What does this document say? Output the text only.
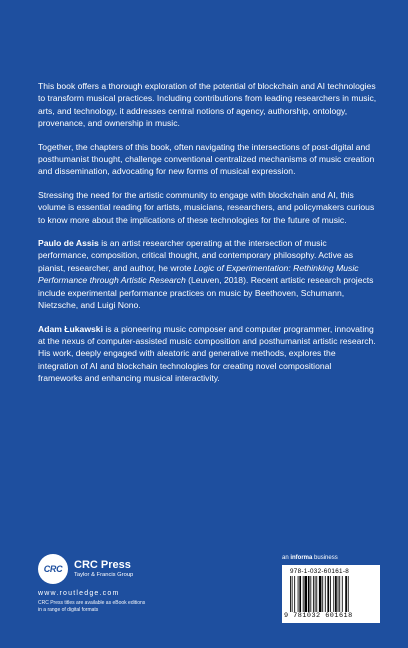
This book offers a thorough exploration of the potential of blockchain and AI technologies to transform musical practices. Including contributions from leading researchers in music, arts, and technology, it addresses central notions of agency, authorship, ontology, provenance, and ownership in music.

Together, the chapters of this book, often navigating the intersections of post-digital and posthumanist thought, challenge conventional centralized mechanisms of music creation and dissemination, advocating for new forms of musical expression.

Stressing the need for the artistic community to engage with blockchain and AI, this volume is essential reading for artists, musicians, researchers, and policymakers curious to know more about the implications of these technologies for the future of music.

Paulo de Assis is an artist researcher operating at the intersection of music performance, composition, critical thought, and contemporary philosophy. Active as pianist, researcher, and author, he wrote Logic of Experimentation: Rethinking Music Performance through Artistic Research (Leuven, 2018). Recent artistic research projects include experimental performance practices on music by Beethoven, Schumann, Nietzsche, and Luigi Nono.

Adam Łukawski is a pioneering music composer and computer programmer, innovating at the nexus of computer-assisted music composition and posthumanist artistic research. His work, deeply engaged with aleatoric and generative methods, explores the integration of AI and blockchain technologies for creating novel compositional frameworks and enhancing musical interactivity.

CRC	CRC Press
Taylor & Francis Group
www.routledge.com
CRC Press titles are available as eBook editions
in a range of digital formats
an informa business
978-1-032-60161-8
9 781032 601618
